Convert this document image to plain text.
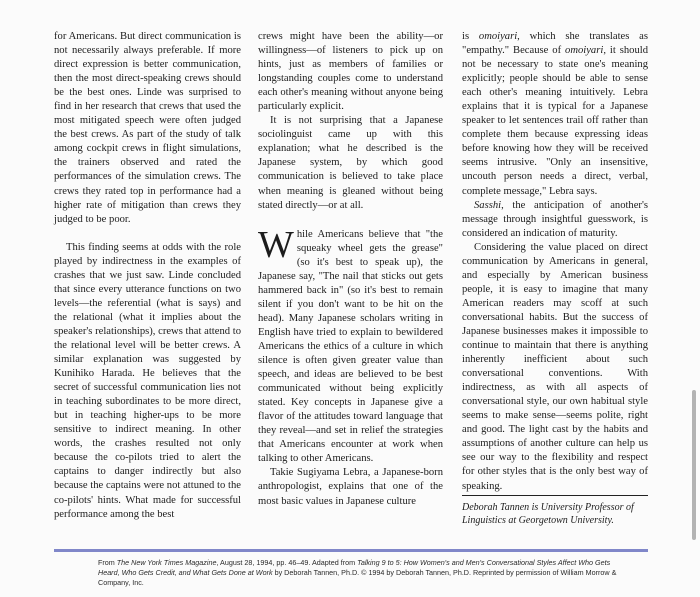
for Americans. But direct communication is not necessarily always preferable. If more direct expression is better communication, then the most direct-speaking crews should be the best ones. Linde was surprised to find in her research that crews that used the most mitigated speech were often judged the best crews. As part of the study of talk among cockpit crews in flight simulations, the trainers observed and rated the performances of the simulation crews. The crews they rated top in performance had a higher rate of mitigation than crews they judged to be poor.

This finding seems at odds with the role played by indirectness in the examples of crashes that we just saw. Linde concluded that since every utterance functions on two levels—the referential (what is says) and the relational (what it implies about the speaker's relationships), crews that attend to the relational level will be better crews. A similar explanation was suggested by Kunihiko Harada. He believes that the secret of successful communication lies not in teaching subordinates to be more direct, but in teaching higher-ups to be more sensitive to indirect meaning. In other words, the crashes resulted not only because the co-pilots tried to alert the captains to danger indirectly but also because the captains were not attuned to the co-pilots' hints. What made for successful performance among the best

crews might have been the ability—or willingness—of listeners to pick up on hints, just as members of families or longstanding couples come to understand each other's meaning without anyone being particularly explicit.

It is not surprising that a Japanese sociolinguist came up with this explanation; what he described is the Japanese system, by which good communication is believed to take place when meaning is gleaned without being stated directly—or at all.

While Americans believe that "the squeaky wheel gets the grease" (so it's best to speak up), the Japanese say, "The nail that sticks out gets hammered back in" (so it's best to remain silent if you don't want to be hit on the head). Many Japanese scholars writing in English have tried to explain to bewildered Americans the ethics of a culture in which silence is often given greater value than speech, and ideas are believed to be best communicated without being explicitly stated. Key concepts in Japanese give a flavor of the attitudes toward language that they reveal—and set in relief the strategies that Americans encounter at work when talking to other Americans.

Takie Sugiyama Lebra, a Japanese-born anthropologist, explains that one of the most basic values in Japanese culture

is omoiyari, which she translates as "empathy." Because of omoiyari, it should not be necessary to state one's meaning explicitly; people should be able to sense each other's meaning intuitively. Lebra explains that it is typical for a Japanese speaker to let sentences trail off rather than complete them because expressing ideas before knowing how they will be received seems intrusive. "Only an insensitive, uncouth person needs a direct, verbal, complete message," Lebra says.

Sasshi, the anticipation of another's message through insightful guesswork, is considered an indication of maturity.

Considering the value placed on direct communication by Americans in general, and especially by American business people, it is easy to imagine that many American readers may scoff at such conversational habits. But the success of Japanese businesses makes it impossible to continue to maintain that there is anything inherently inefficient about such conversational conventions. With indirectness, as with all aspects of conversational style, our own habitual style seems to make sense—seems polite, right and good. The light cast by the habits and assumptions of another culture can help us see our way to the flexibility and respect for other styles that is the only best way of speaking.

Deborah Tannen is University Professor of Linguistics at Georgetown University.
From The New York Times Magazine, August 28, 1994, pp. 46–49. Adapted from Talking 9 to 5: How Women's and Men's Conversational Styles Affect Who Gets Heard, Who Gets Credit, and What Gets Done at Work by Deborah Tannen, Ph.D. © 1994 by Deborah Tannen, Ph.D. Reprinted by permission of William Morrow & Company, Inc.
